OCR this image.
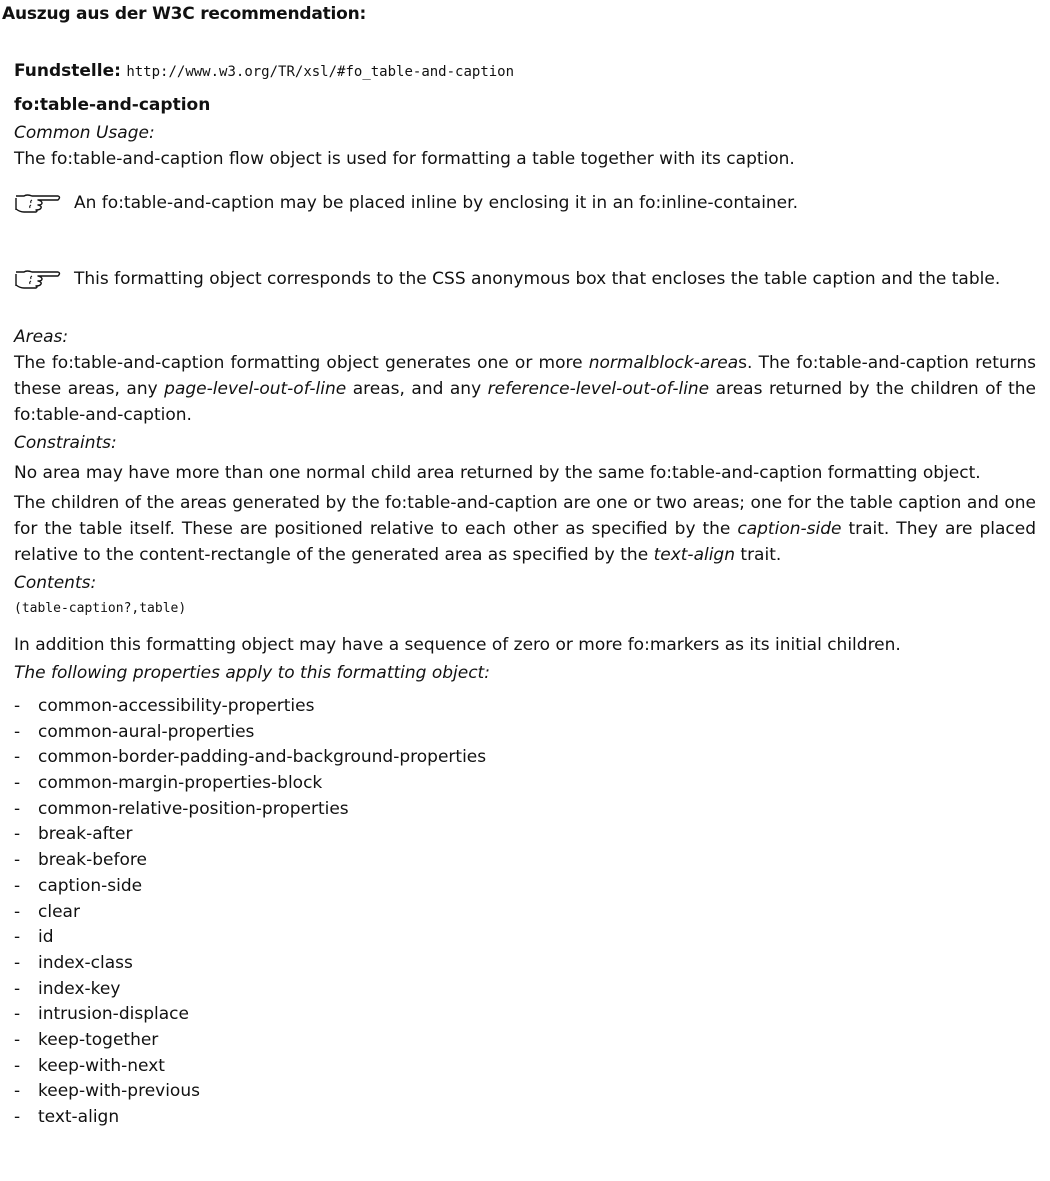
Auszug aus der W3C recommendation:
Fundstelle: http://www.w3.org/TR/xsl/#fo_table-and-caption
fo:table-and-caption
Common Usage:

The fo:table-and-caption flow object is used for formatting a table together with its caption.

An fo:table-and-caption may be placed inline by enclosing it in an fo:inline-container.
This formatting object corresponds to the CSS anonymous box that encloses the table caption and the table.
Areas:

The fo:table-and-caption formatting object generates one or more normalblock-areas. The fo:table-and-caption returns these areas, any page-level-out-of-line areas, and any reference-level-out-of-line areas returned by the children of the fo:table-and-caption.

Constraints:

No area may have more than one normal child area returned by the same fo:table-and-caption formatting object.

The children of the areas generated by the fo:table-and-caption are one or two areas; one for the table caption and one for the table itself. These are positioned relative to each other as specified by the caption-side trait. They are placed relative to the content-rectangle of the generated area as specified by the text-align trait.

Contents:
(table-caption?,table)

In addition this formatting object may have a sequence of zero or more fo:markers as its initial children.

The following properties apply to this formatting object:
- common-accessibility-properties
- common-aural-properties
- common-border-padding-and-background-properties
- common-margin-properties-block
- common-relative-position-properties
- break-after
- break-before
- caption-side
- clear
- id
- index-class
- index-key
- intrusion-displace
- keep-together
- keep-with-next
- keep-with-previous
- text-align
